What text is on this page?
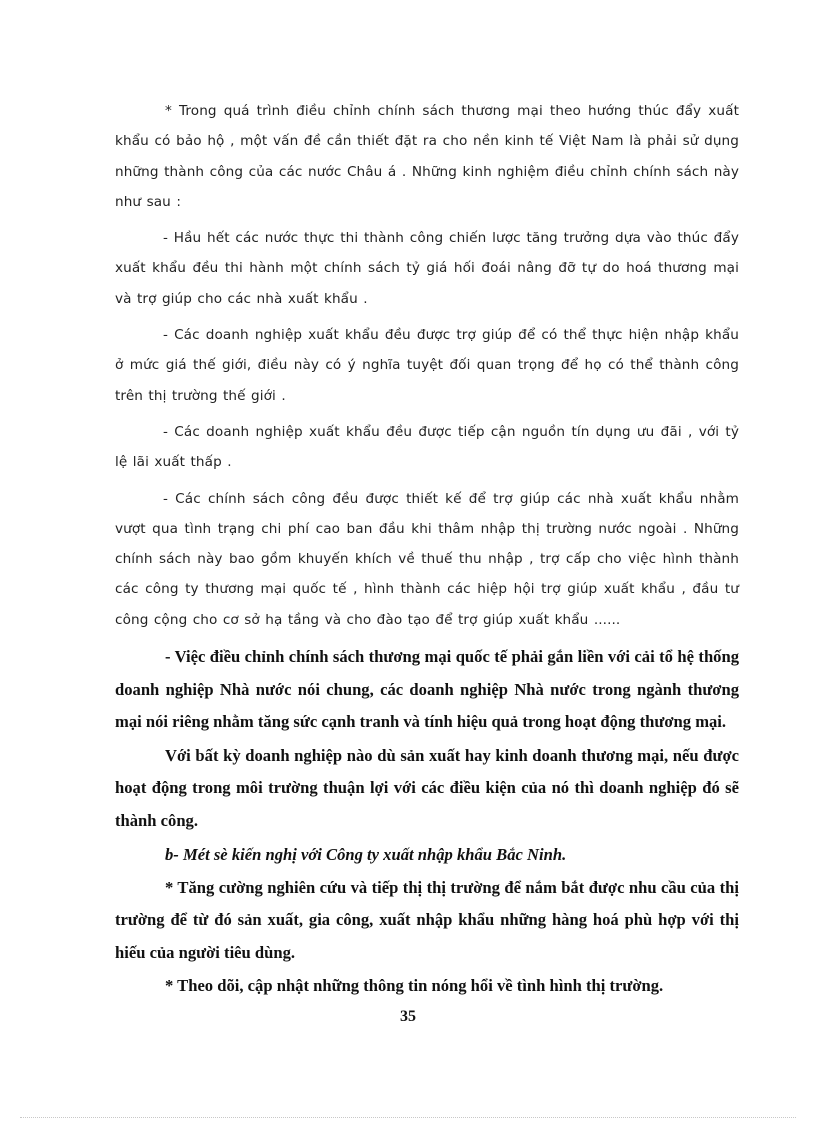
* Trong quá trình điều chỉnh chính sách thương mại theo hướng thúc đẩy xuất khẩu có bảo hộ , một vấn đề cần thiết đặt ra cho nền kinh tế Việt Nam là phải sử dụng những thành công của các nước Châu á . Những kinh nghiệm điều chỉnh chính sách này như sau :

- Hầu hết các nước thực thi thành công chiến lược tăng trưởng dựa vào thúc đẩy xuất khẩu đều thi hành một chính sách tỷ giá hối đoái nâng đỡ tự do hoá thương mại và trợ giúp cho các nhà xuất khẩu .

- Các doanh nghiệp xuất khẩu đều được trợ giúp để có thể thực hiện nhập khẩu ở mức giá thế giới, điều này có ý nghĩa tuyệt đối quan trọng để họ có thể thành công trên thị trường thế giới .

- Các doanh nghiệp xuất khẩu đều được tiếp cận nguồn tín dụng ưu đãi , với tỷ lệ lãi xuất thấp .

- Các chính sách công đều được thiết kế để trợ giúp các nhà xuất khẩu nhằm vượt qua tình trạng chi phí cao ban đầu khi thâm nhập thị trường nước ngoài . Những chính sách này bao gồm khuyến khích về thuế thu nhập , trợ cấp cho việc hình thành các công ty thương mại quốc tế , hình thành các hiệp hội trợ giúp xuất khẩu , đầu tư công cộng cho cơ sở hạ tầng và cho đào tạo để trợ giúp xuất khẩu ......

- Việc điều chỉnh chính sách thương mại quốc tế phải gắn liền với cải tổ hệ thống doanh nghiệp Nhà nước nói chung, các doanh nghiệp Nhà nước trong ngành thương mại nói riêng nhằm tăng sức cạnh tranh và tính hiệu quả trong hoạt động thương mại.

Với bất kỳ doanh nghiệp nào dù sản xuất hay kinh doanh thương mại, nếu được hoạt động trong môi trường thuận lợi với các điều kiện của nó thì doanh nghiệp đó sẽ thành công.

b- Mét sè kiến nghị với Công ty xuất nhập khẩu Bắc Ninh.

* Tăng cường nghiên cứu và tiếp thị thị trường để nắm bắt được nhu cầu của thị trường để từ đó sản xuất, gia công, xuất nhập khẩu những hàng hoá phù hợp với thị hiếu của người tiêu dùng.

* Theo dõi, cập nhật những thông tin nóng hổi về tình hình thị trường.

35
